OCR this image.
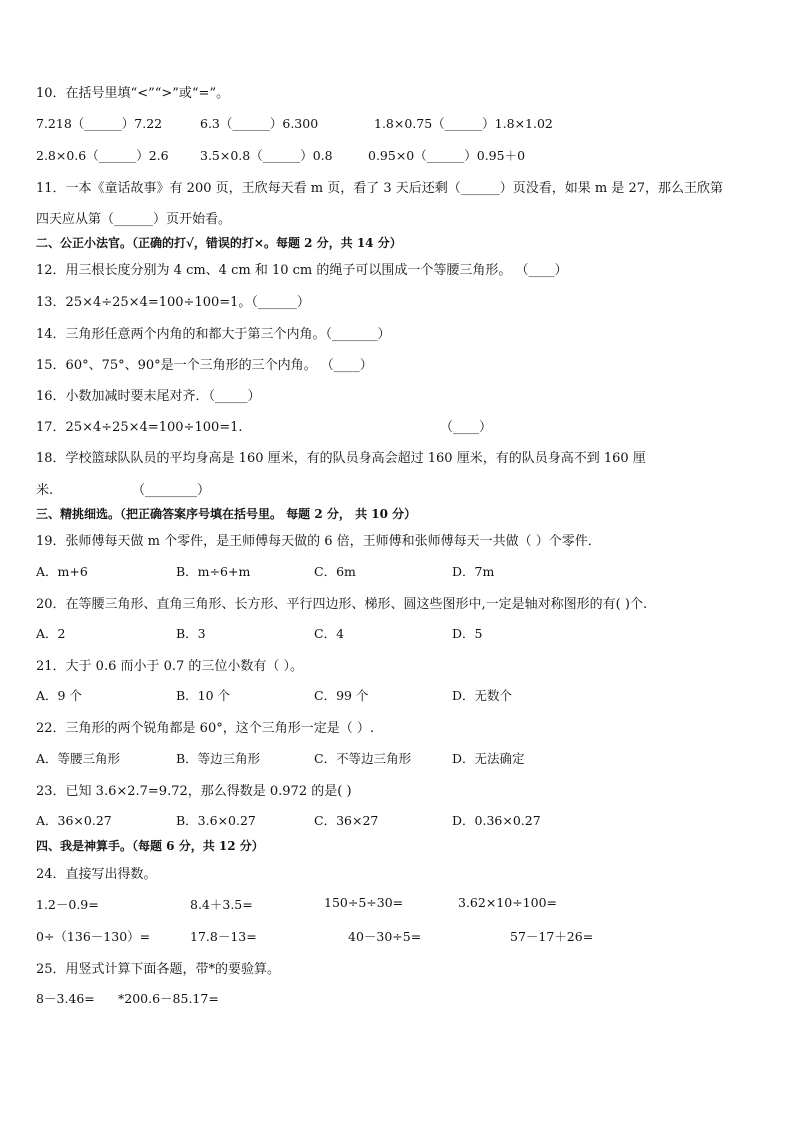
10．在括号里填“<”“>”或“=”。
7.218（______）7.22	6.3（______）6.300	1.8×0.75（______）1.8×1.02
2.8×0.6（______）2.6	3.5×0.8（______）0.8	0.95×0（______）0.95＋0
11．一本《童话故事》有 200 页，王欣每天看 m 页，看了 3 天后还剩（______）页没看，如果 m 是 27，那么王欣第
四天应从第（______）页开始看。
二、公正小法官。（正确的打√，错误的打×。每题 2 分，共 14 分）
12．用三根长度分别为 4 cm、4 cm 和 10 cm 的绳子可以围成一个等腰三角形。 （____）
13．25×4÷25×4=100÷100=1。（______）
14．三角形任意两个内角的和都大于第三个内角。（_______）
15．60°、75°、90°是一个三角形的三个内角。 （____）
16．小数加减时要末尾对齐．（_____）
17．25×4÷25×4=100÷100=1.	（____）
18．学校篮球队队员的平均身高是 160 厘米，有的队员身高会超过 160 厘米，有的队员身高不到 160 厘
米.	（________）
三、精挑细选。（把正确答案序号填在括号里。 每题 2 分， 共 10 分）
19．张师傅每天做 m 个零件，是王师傅每天做的 6 倍，王师傅和张师傅每天一共做（ ）个零件．
A．m+6	B．m÷6+m	C．6m	D．7m
20．在等腰三角形、直角三角形、长方形、平行四边形、梯形、圆这些图形中,一定是轴对称图形的有( )个.
A．2	B．3	C．4	D．5
21．大于 0.6 而小于 0.7 的三位小数有（ ）。
A．9 个	B．10 个	C．99 个	D．无数个
22．三角形的两个锐角都是 60°，这个三角形一定是（ ）.
A．等腰三角形	B．等边三角形	C．不等边三角形	D．无法确定
23．已知 3.6×2.7=9.72，那么得数是 0.972 的是( )
A．36×0.27	B．3.6×0.27	C．36×27	D．0.36×0.27
四、我是神算手。（每题 6 分，共 12 分）
24．直接写出得数。
1.2－0.9=	8.4＋3.5=	150÷5÷30=	3.62×10÷100=
0÷（136－130）=	17.8－13=	40－30÷5=	57－17＋26=
25．用竖式计算下面各题，带*的要验算。
8－3.46= *200.6－85.17=
